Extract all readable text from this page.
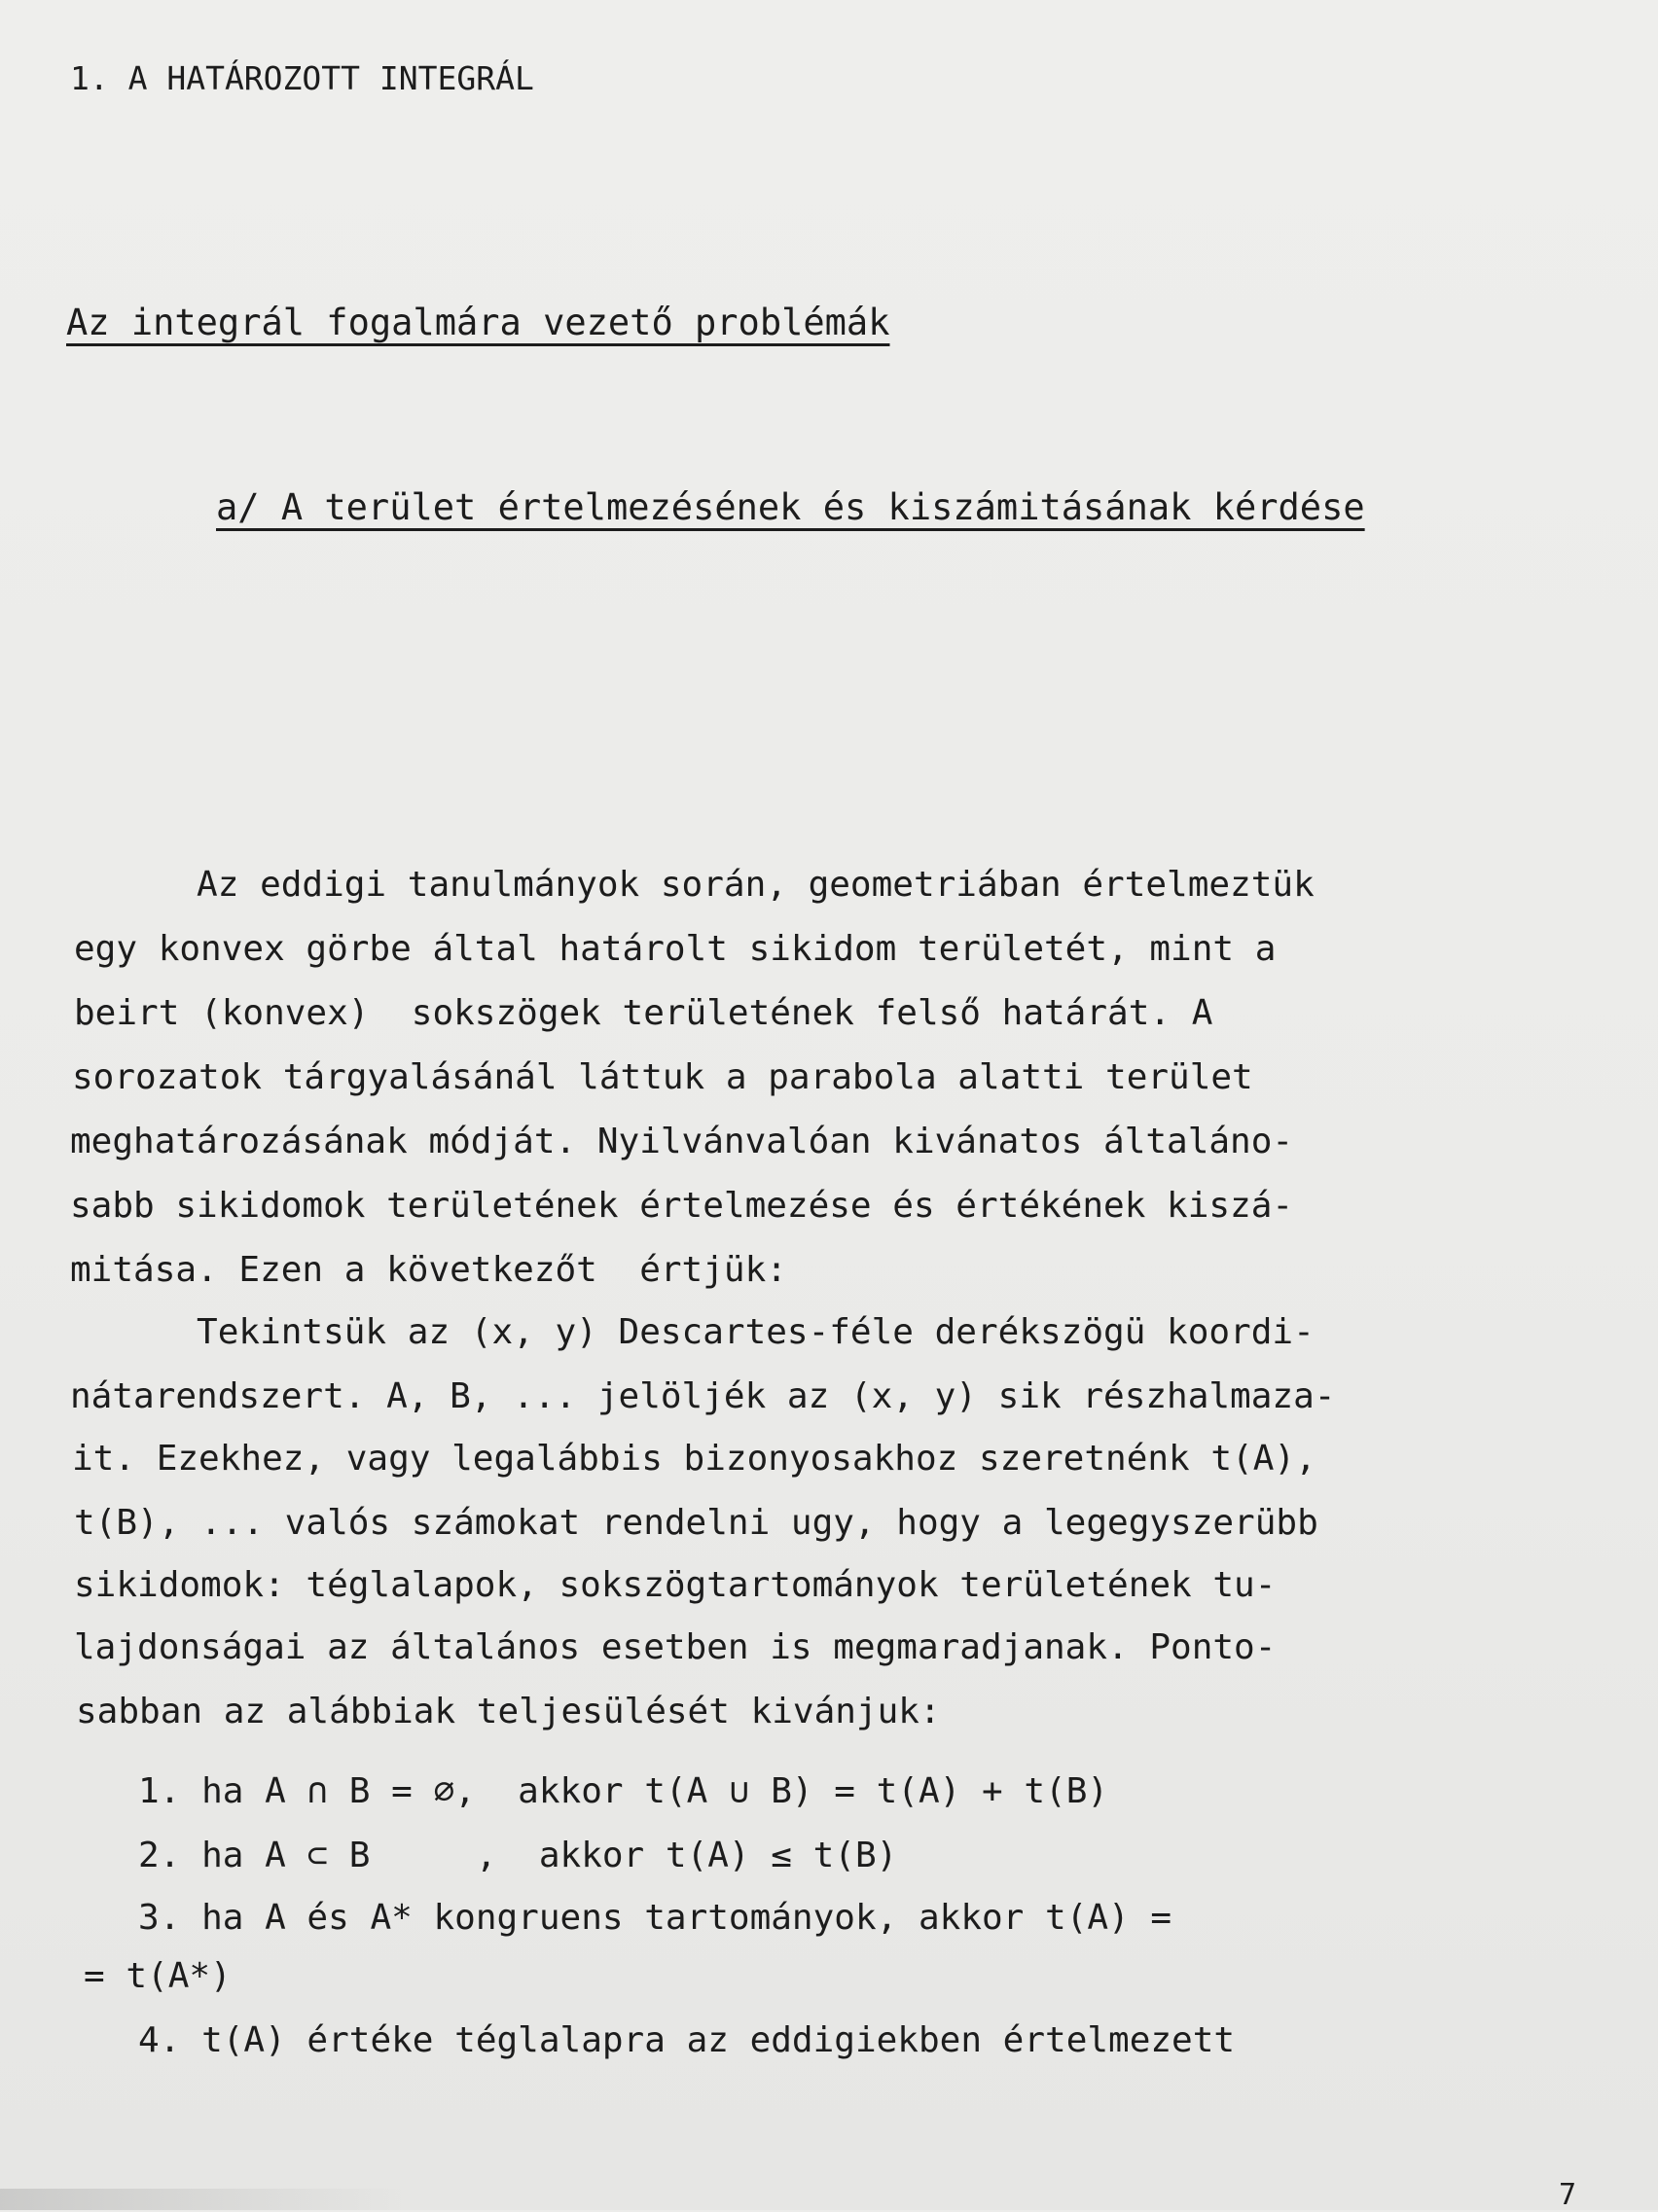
1. A HATÁROZOTT INTEGRÁL
Az integrál fogalmára vezető problémák
a/ A terület értelmezésének és kiszámitásának kérdése
Az eddigi tanulmányok során, geometriában értelmeztük
egy konvex görbe által határolt sikidom területét, mint a
beirt (konvex)  sokszögek területének felső határát. A
sorozatok tárgyalásánál láttuk a parabola alatti terület
meghatározásának módját. Nyilvánvalóan kivánatos általáno-
sabb sikidomok területének értelmezése és értékének kiszá-
mitása. Ezen a következőt  értjük:
Tekintsük az (x, y) Descartes-féle derékszögü koordi-
nátarendszert. A, B, ... jelöljék az (x, y) sik részhalmaza-
it. Ezekhez, vagy legalábbis bizonyosakhoz szeretnénk t(A),
t(B), ... valós számokat rendelni ugy, hogy a legegyszerübb
sikidomok: téglalapok, sokszögtartományok területének tu-
lajdonságai az általános esetben is megmaradjanak. Ponto-
sabban az alábbiak teljesülését kivánjuk:
1. ha A ∩ B = ∅,  akkor t(A ∪ B) = t(A) + t(B)
2. ha A ⊂ B     ,  akkor t(A) ≤ t(B)
3. ha A és A* kongruens tartományok, akkor t(A) =
= t(A*)
4. t(A) értéke téglalapra az eddigiekben értelmezett
7
